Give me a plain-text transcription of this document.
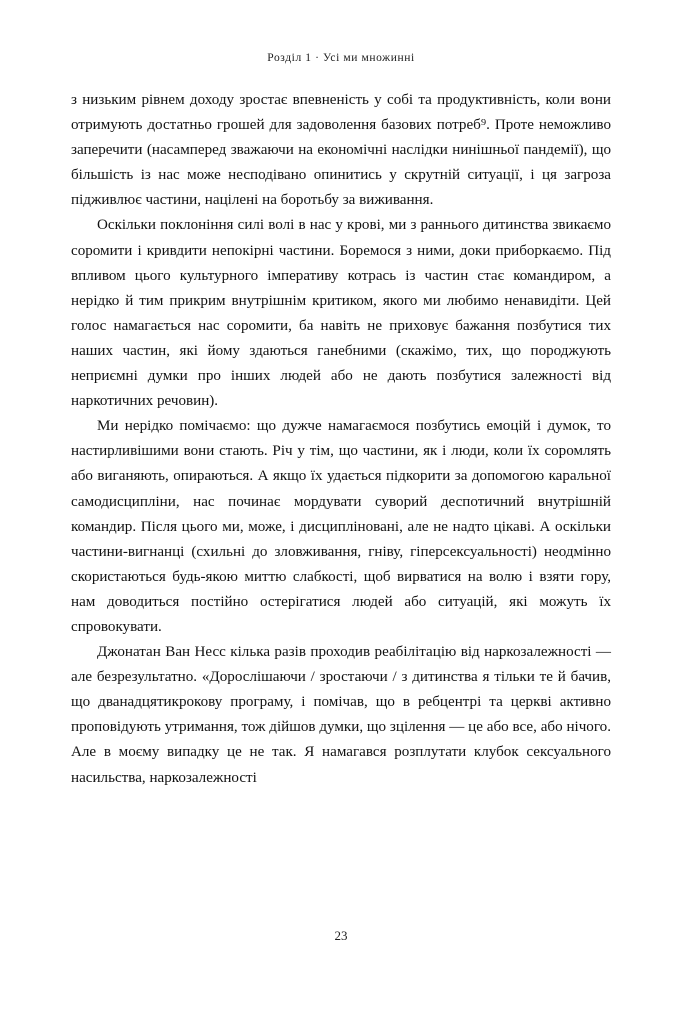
Розділ 1 · Усі ми множинні

з низьким рівнем доходу зростає впевненість у собі та продуктивність, коли вони отримують достатньо грошей для задоволення базових потреб⁹. Проте неможливо заперечити (насамперед зважаючи на економічні наслідки нинішньої пандемії), що більшість із нас може несподівано опинитись у скрутній ситуації, і ця загроза підживлює частини, націлені на боротьбу за виживання.

Оскільки поклоніння силі волі в нас у крові, ми з раннього дитинства звикаємо соромити і кривдити непокірні частини. Боремося з ними, доки приборкаємо. Під впливом цього культурного імперативу котрась із частин стає командиром, а нерідко й тим прикрим внутрішнім критиком, якого ми любимо ненавидіти. Цей голос намагається нас соромити, ба навіть не приховує бажання позбутися тих наших частин, які йому здаються ганебними (скажімо, тих, що породжують неприємні думки про інших людей або не дають позбутися залежності від наркотичних речовин).

Ми нерідко помічаємо: що дужче намагаємося позбутись емоцій і думок, то настирливішими вони стають. Річ у тім, що частини, як і люди, коли їх соромлять або виганяють, опираються. А якщо їх удається підкорити за допомогою каральної самодисципліни, нас починає мордувати суворий деспотичний внутрішній командир. Після цього ми, може, і дисципліновані, але не надто цікаві. А оскільки частини-вигнанці (схильні до зловживання, гніву, гіперсексуальності) неодмінно скористаються будь-якою миттю слабкості, щоб вирватися на волю і взяти гору, нам доводиться постійно остерігатися людей або ситуацій, які можуть їх спровокувати.

Джонатан Ван Несс кілька разів проходив реабілітацію від наркозалежності — але безрезультатно. «Дорослішаючи / зростаючи / з дитинства я тільки те й бачив, що дванадцятикрокову програму, і помічав, що в ребцентрі та церкві активно проповідують утримання, тож дійшов думки, що зцілення — це або все, або нічого. Але в моєму випадку це не так. Я намагався розплутати клубок сексуального насильства, наркозалежності

23
